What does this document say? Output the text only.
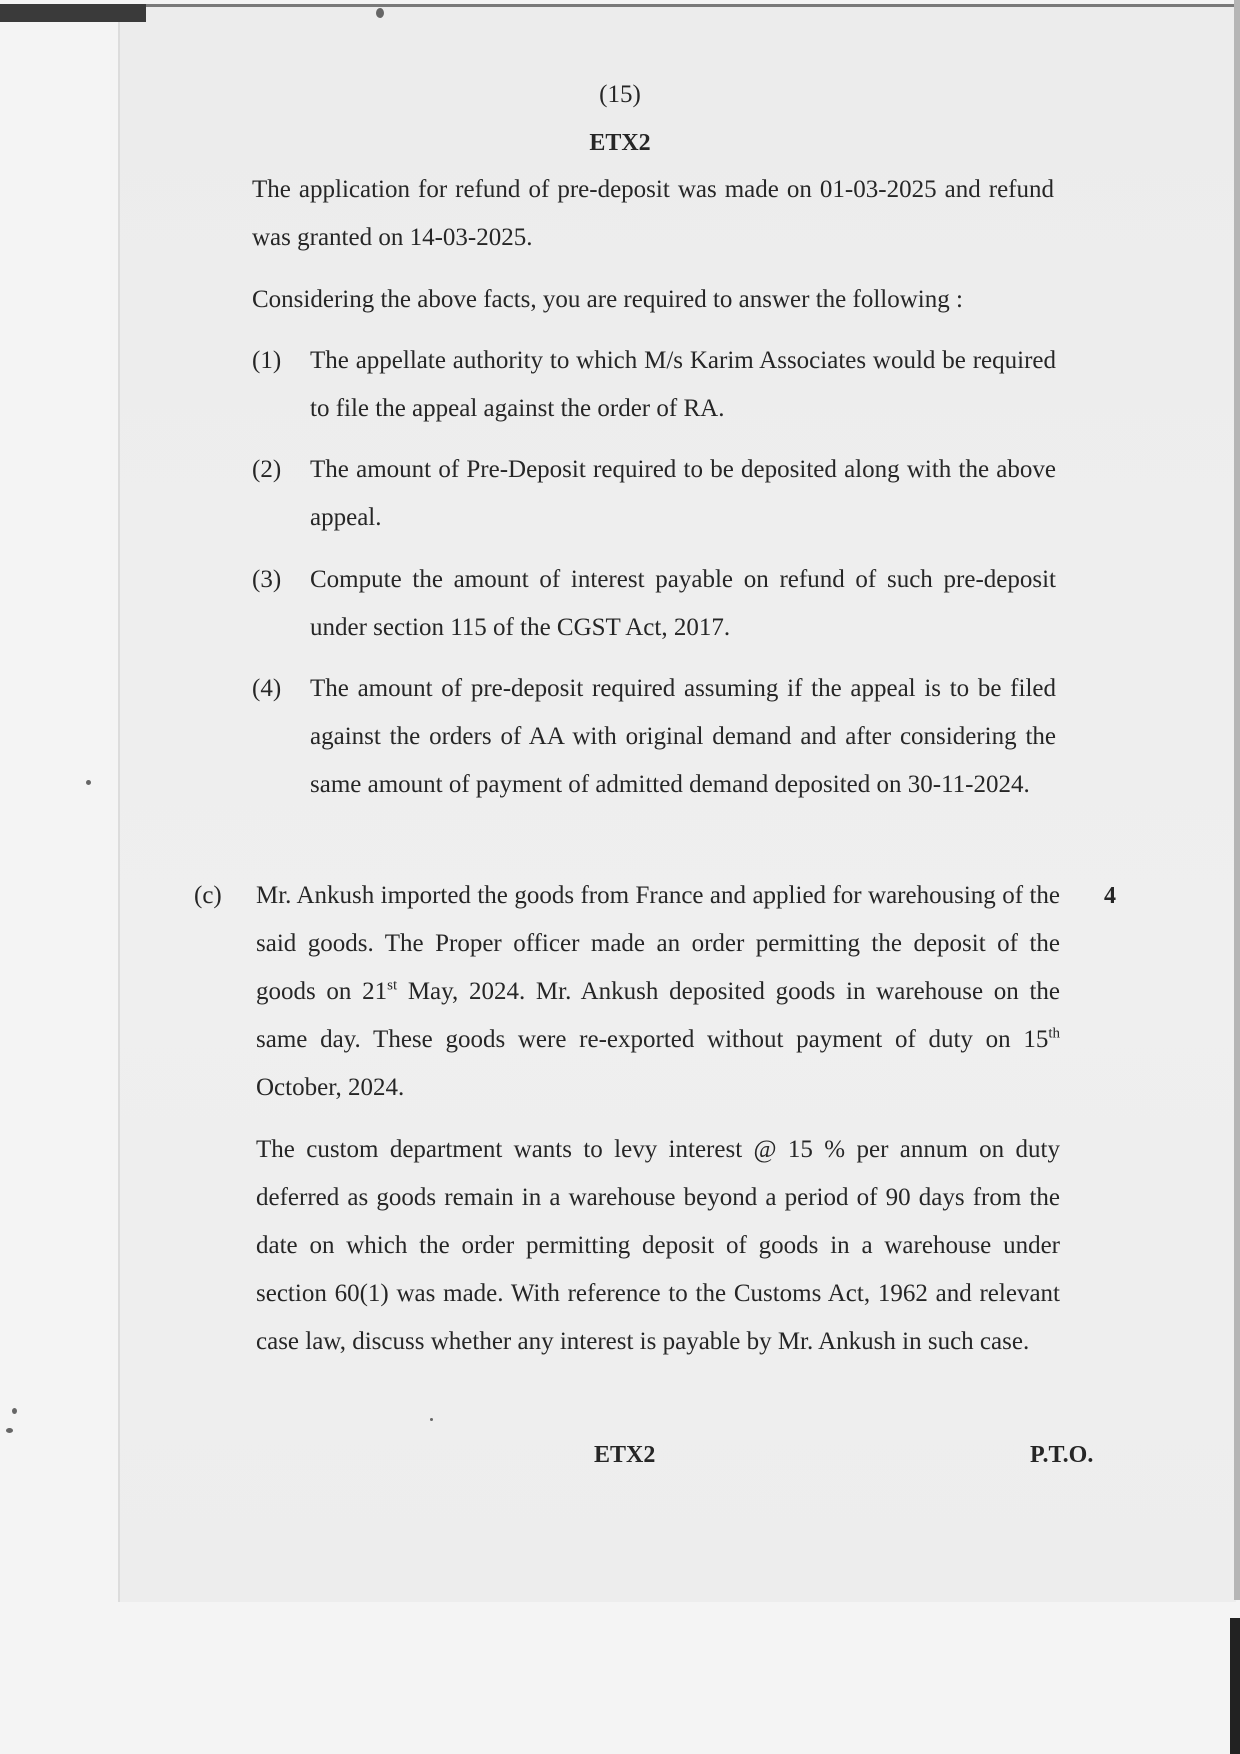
(15)
ETX2
The application for refund of pre-deposit was made on 01-03-2025 and refund was granted on 14-03-2025.
Considering the above facts, you are required to answer the following :
(1) The appellate authority to which M/s Karim Associates would be required to file the appeal against the order of RA.
(2) The amount of Pre-Deposit required to be deposited along with the above appeal.
(3) Compute the amount of interest payable on refund of such pre-deposit under section 115 of the CGST Act, 2017.
(4) The amount of pre-deposit required assuming if the appeal is to be filed against the orders of AA with original demand and after considering the same amount of payment of admitted demand deposited on 30-11-2024.
(c) Mr. Ankush imported the goods from France and applied for warehousing of the said goods. The Proper officer made an order permitting the deposit of the goods on 21st May, 2024. Mr. Ankush deposited goods in warehouse on the same day. These goods were re-exported without payment of duty on 15th October, 2024.
4
The custom department wants to levy interest @ 15 % per annum on duty deferred as goods remain in a warehouse beyond a period of 90 days from the date on which the order permitting deposit of goods in a warehouse under section 60(1) was made. With reference to the Customs Act, 1962 and relevant case law, discuss whether any interest is payable by Mr. Ankush in such case.
ETX2	P.T.O.
